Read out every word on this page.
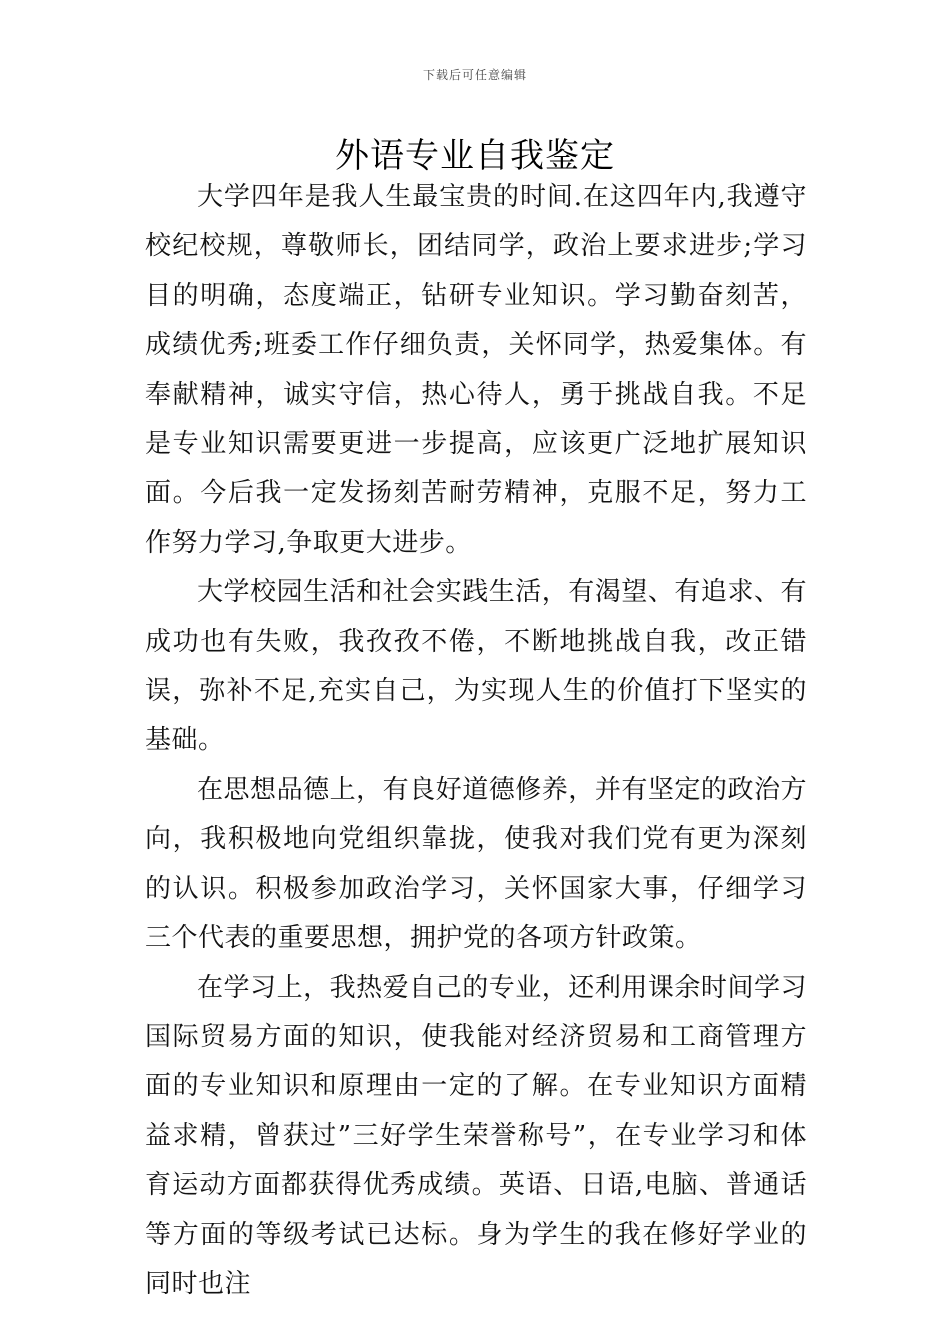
下载后可任意编辑
外语专业自我鉴定

大学四年是我人生最宝贵的时间.在这四年内,我遵守校纪校规，尊敬师长，团结同学，政治上要求进步;学习目的明确，态度端正，钻研专业知识。学习勤奋刻苦，成绩优秀;班委工作仔细负责，关怀同学，热爱集体。有奉献精神，诚实守信，热心待人，勇于挑战自我。不足是专业知识需要更进一步提高，应该更广泛地扩展知识面。今后我一定发扬刻苦耐劳精神，克服不足，努力工作努力学习,争取更大进步。

大学校园生活和社会实践生活，有渴望、有追求、有成功也有失败，我孜孜不倦，不断地挑战自我，改正错误，弥补不足,充实自己，为实现人生的价值打下坚实的基础。

在思想品德上，有良好道德修养，并有坚定的政治方向，我积极地向党组织靠拢，使我对我们党有更为深刻的认识。积极参加政治学习，关怀国家大事，仔细学习三个代表的重要思想，拥护党的各项方针政策。

在学习上，我热爱自己的专业，还利用课余时间学习国际贸易方面的知识，使我能对经济贸易和工商管理方面的专业知识和原理由一定的了解。在专业知识方面精益求精，曾获过”三好学生荣誉称号”，在专业学习和体育运动方面都获得优秀成绩。英语、日语,电脑、普通话等方面的等级考试已达标。身为学生的我在修好学业的同时也注
